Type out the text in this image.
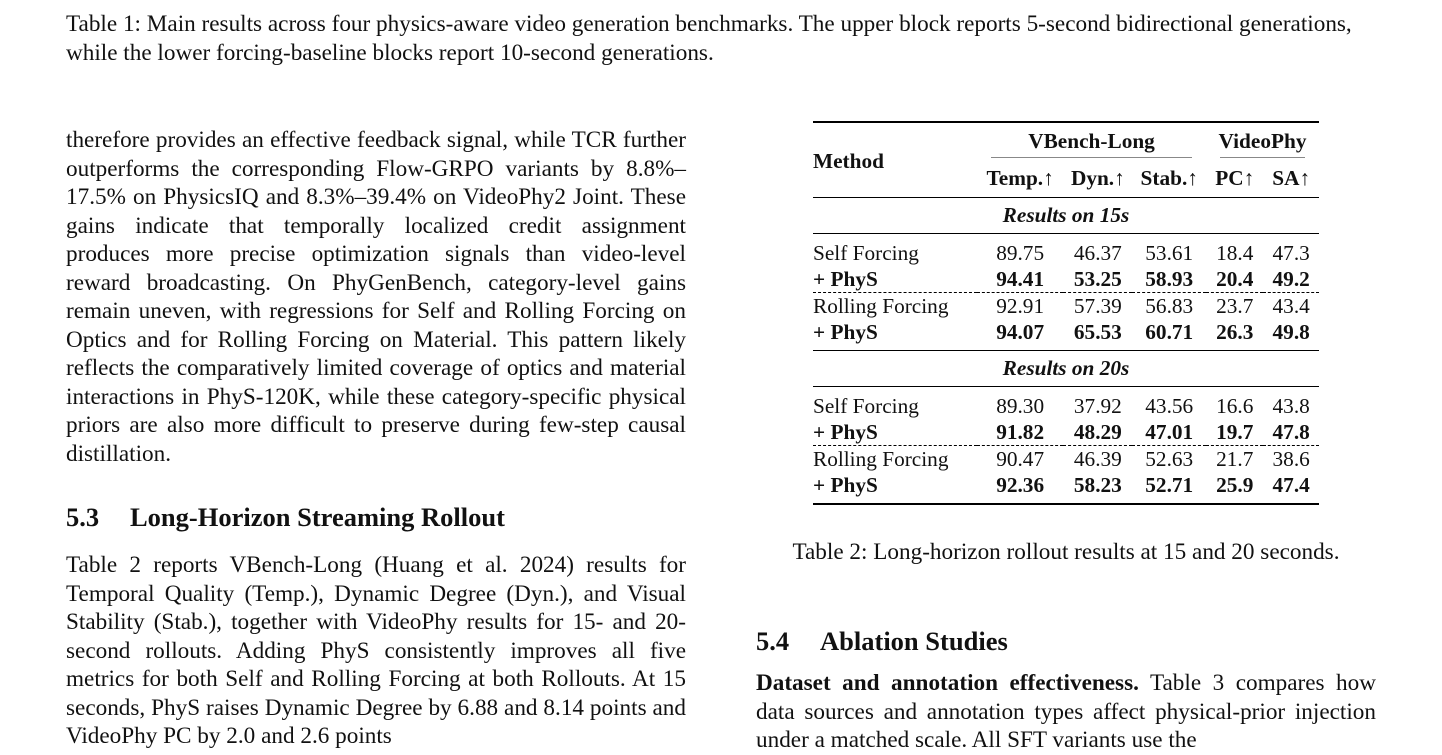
Table 1: Main results across four physics-aware video generation benchmarks. The upper block reports 5-second bidirectional generations, while the lower forcing-baseline blocks report 10-second generations.

therefore provides an effective feedback signal, while TCR further outperforms the corresponding Flow-GRPO variants by 8.8%–17.5% on PhysicsIQ and 8.3%–39.4% on VideoPhy2 Joint. These gains indicate that temporally localized credit assignment produces more precise optimization signals than video-level reward broadcasting. On PhyGenBench, category-level gains remain uneven, with regressions for Self and Rolling Forcing on Optics and for Rolling Forcing on Material. This pattern likely reflects the comparatively limited coverage of optics and material interactions in PhyS-120K, while these category-specific physical priors are also more difficult to preserve during few-step causal distillation.

5.3 Long-Horizon Streaming Rollout

Table 2 reports VBench-Long (Huang et al. 2024) results for Temporal Quality (Temp.), Dynamic Degree (Dyn.), and Visual Stability (Stab.), together with VideoPhy results for 15- and 20-second rollouts. Adding PhyS consistently improves all five metrics for both Self and Rolling Forcing at both Rollouts. At 15 seconds, PhyS raises Dynamic Degree by 6.88 and 8.14 points and VideoPhy PC by 2.0 and 2.6 points

Method	VBench-Long			VideoPhy	

	Temp.↑	Dyn.↑	Stab.↑	PC↑	SA↑
Results on 15s					
Self Forcing	89.75	46.37	53.61	18.4	47.3
+ PhyS	94.41	53.25	58.93	20.4	49.2
Rolling Forcing	92.91	57.39	56.83	23.7	43.4
+ PhyS	94.07	65.53	60.71	26.3	49.8
Results on 20s					
Self Forcing	89.30	37.92	43.56	16.6	43.8
+ PhyS	91.82	48.29	47.01	19.7	47.8
Rolling Forcing	90.47	46.39	52.63	21.7	38.6
+ PhyS	92.36	58.23	52.71	25.9	47.4

Table 2: Long-horizon rollout results at 15 and 20 seconds.

5.4 Ablation Studies

Dataset and annotation effectiveness. Table 3 compares how data sources and annotation types affect physical-prior injection under a matched scale. All SFT variants use the
